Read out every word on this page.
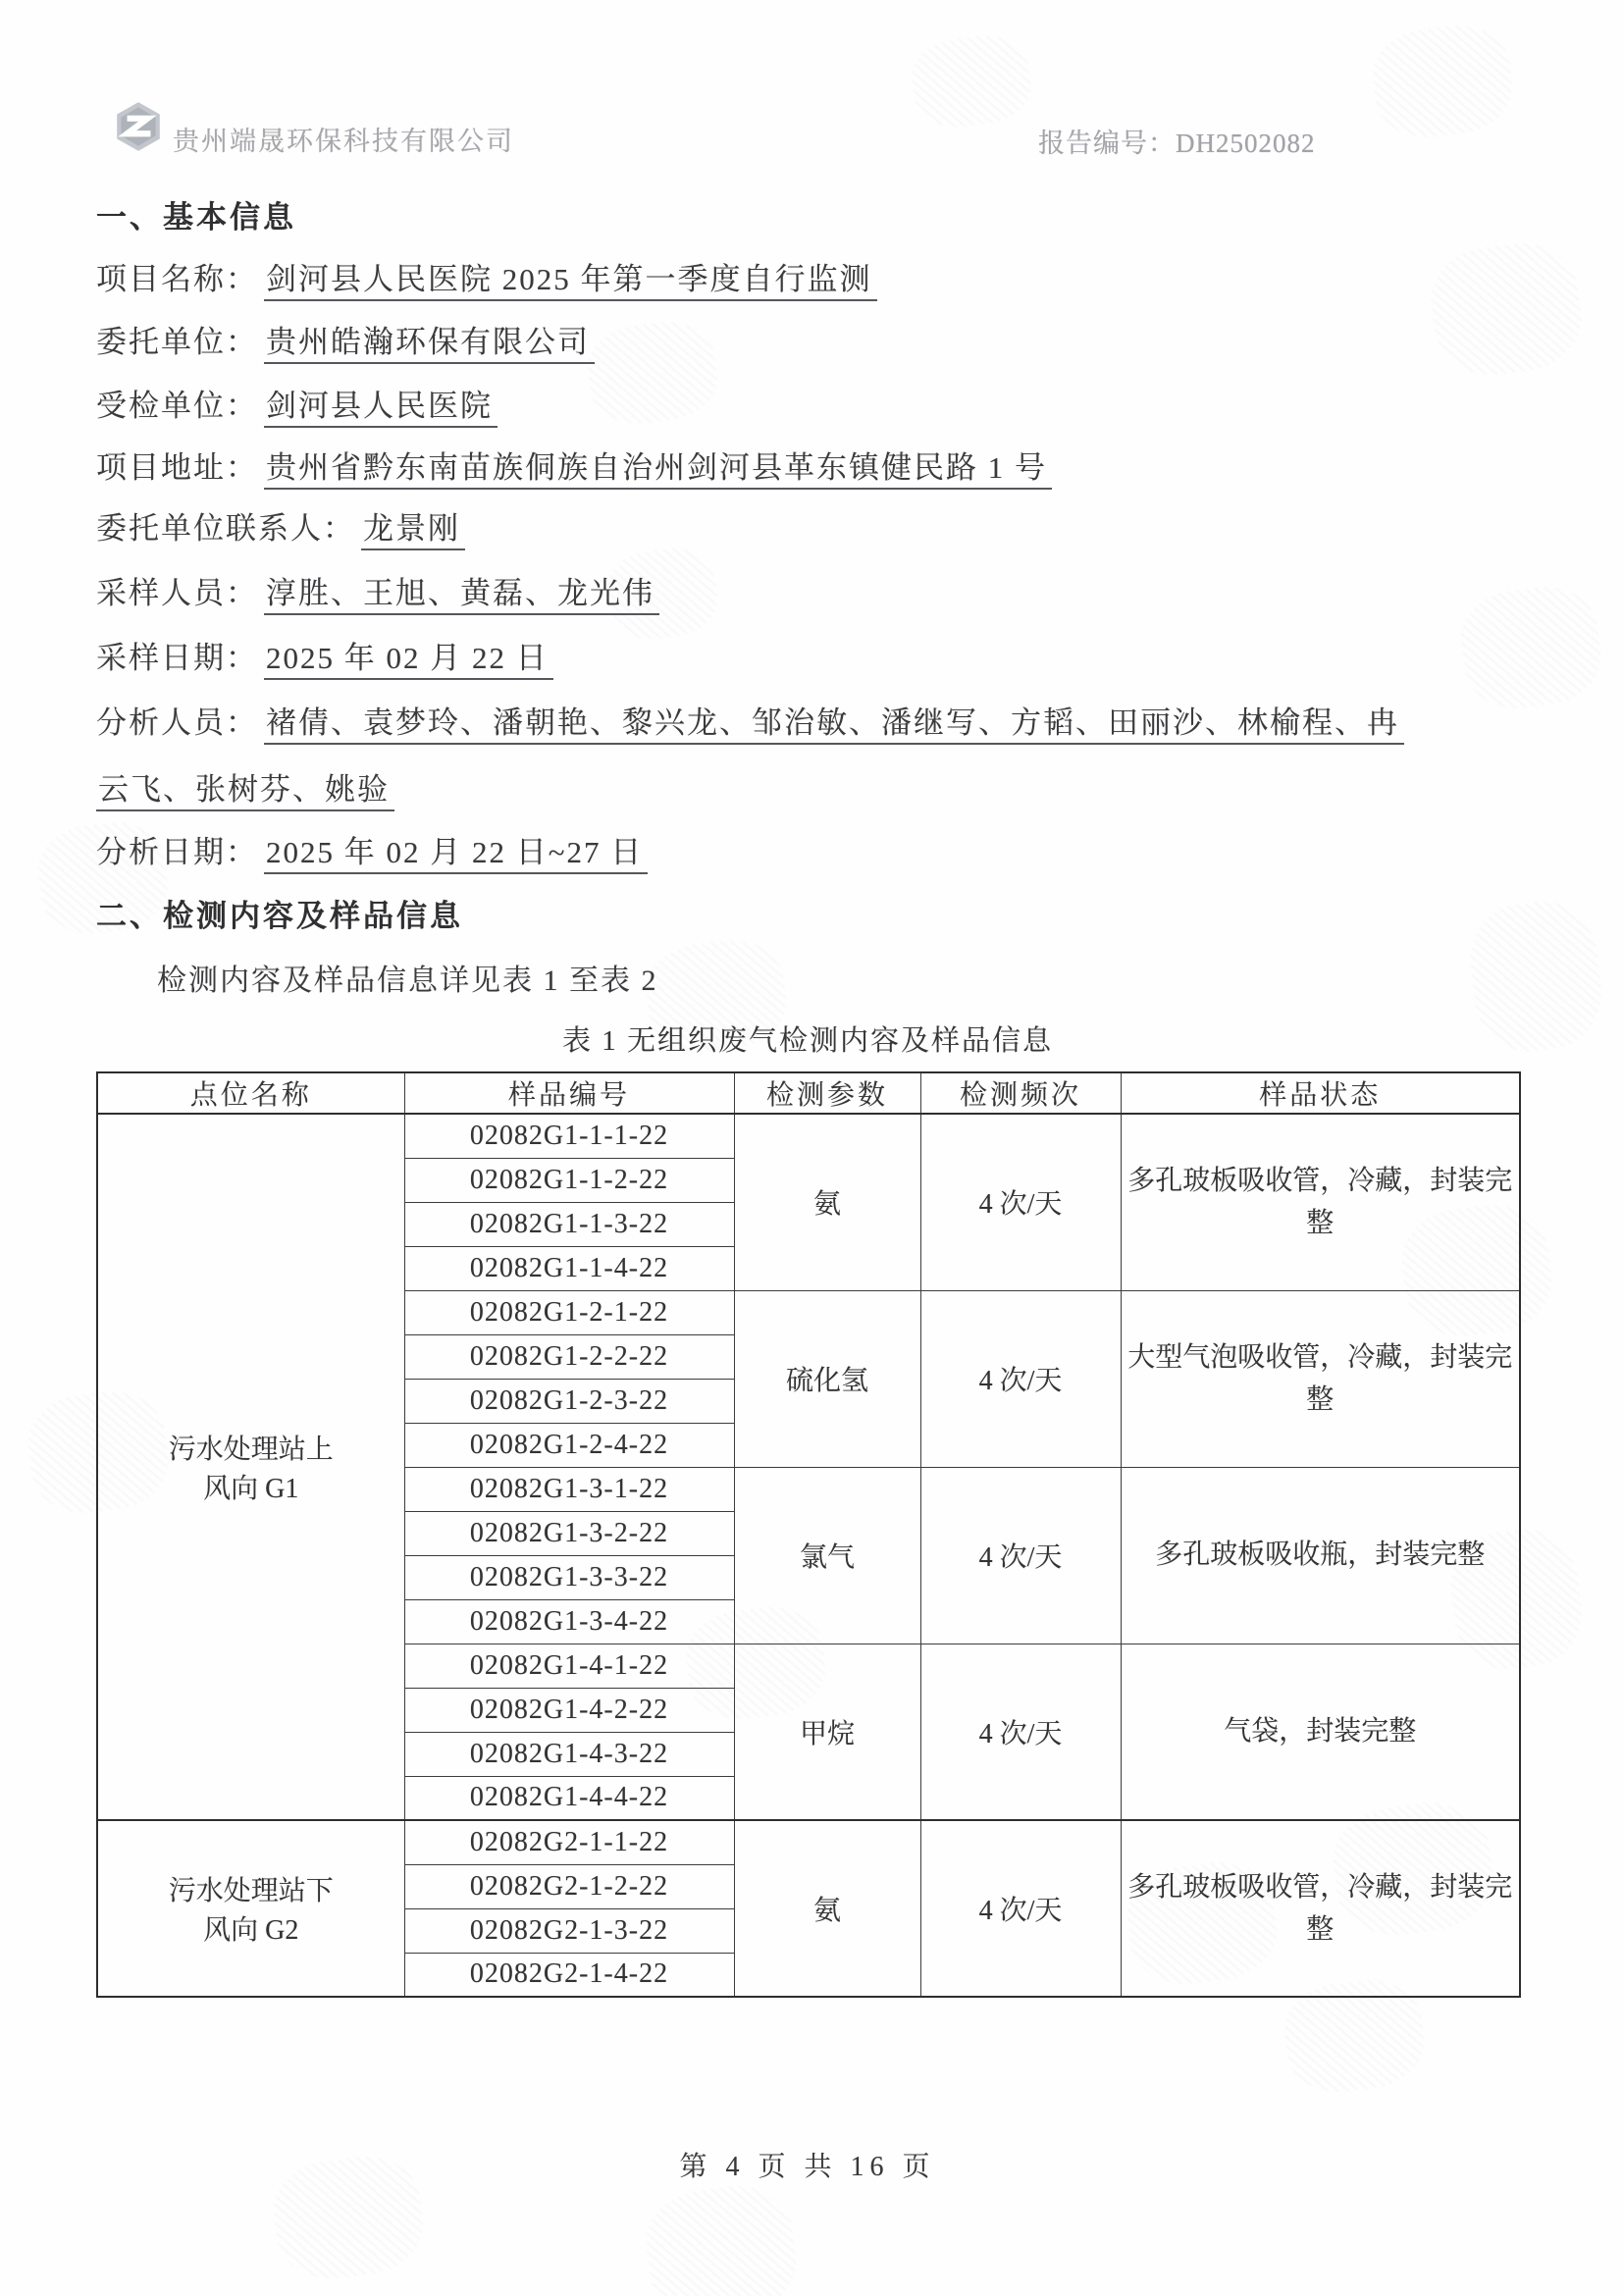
贵州端晟环保科技有限公司	报告编号：DH2502082
一、基本信息
项目名称： 剑河县人民医院 2025 年第一季度自行监测
委托单位： 贵州皓瀚环保有限公司
受检单位： 剑河县人民医院
项目地址： 贵州省黔东南苗族侗族自治州剑河县革东镇健民路 1 号
委托单位联系人： 龙景刚
采样人员： 淳胜、王旭、黄磊、龙光伟
采样日期： 2025 年 02 月 22 日
分析人员： 褚倩、袁梦玲、潘朝艳、黎兴龙、邹治敏、潘继写、方韬、田丽沙、林榆程、冉
云飞、张树芬、姚验
分析日期： 2025 年 02 月 22 日~27 日
二、检测内容及样品信息
检测内容及样品信息详见表 1 至表 2
表 1 无组织废气检测内容及样品信息
点位名称	样品编号	检测参数	检测频次	样品状态

污水处理站上
风向 G1	02082G1-1-1-22	氨	4 次/天	多孔玻板吸收管，冷藏，封装完整
	02082G1-1-2-22			
	02082G1-1-3-22			
	02082G1-1-4-22			
	02082G1-2-1-22	硫化氢	4 次/天	大型气泡吸收管，冷藏，封装完整
	02082G1-2-2-22			
	02082G1-2-3-22			
	02082G1-2-4-22			
	02082G1-3-1-22	氯气	4 次/天	多孔玻板吸收瓶，封装完整
	02082G1-3-2-22			
	02082G1-3-3-22			
	02082G1-3-4-22			
	02082G1-4-1-22	甲烷	4 次/天	气袋，封装完整
	02082G1-4-2-22			
	02082G1-4-3-22			
	02082G1-4-4-22			

污水处理站下
风向 G2	02082G2-1-1-22	氨	4 次/天	多孔玻板吸收管，冷藏，封装完整
	02082G2-1-2-22			
	02082G2-1-3-22			
	02082G2-1-4-22			
第 4 页 共 16 页
